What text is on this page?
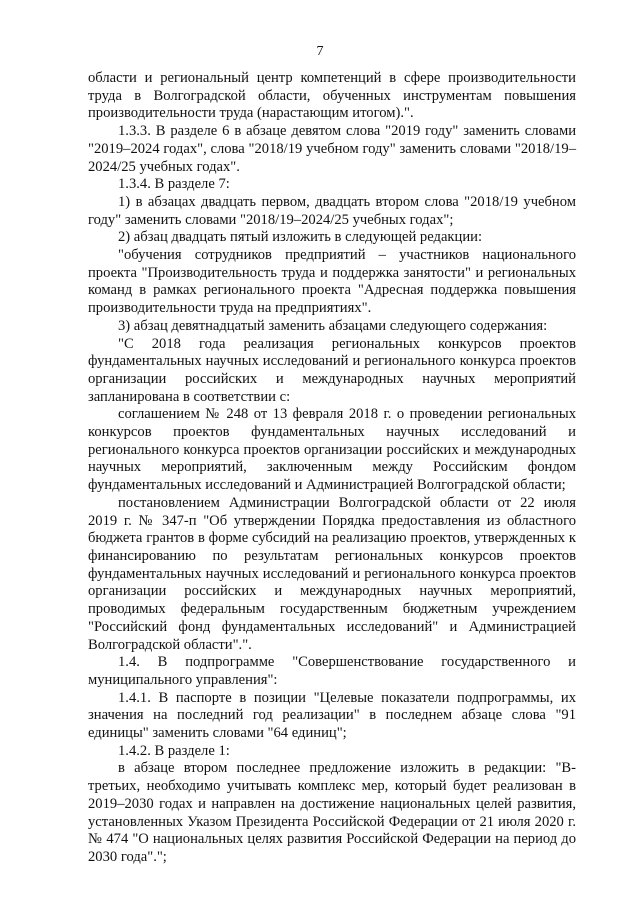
7

области и региональный центр компетенций в сфере производительности труда в Волгоградской области, обученных инструментам повышения производительности труда (нарастающим итогом).".

1.3.3. В разделе 6 в абзаце девятом слова "2019 году" заменить словами "2019–2024 годах", слова "2018/19 учебном году" заменить словами "2018/19–2024/25 учебных годах".

1.3.4. В разделе 7:

1) в абзацах двадцать первом, двадцать втором слова "2018/19 учебном году" заменить словами "2018/19–2024/25 учебных годах";

2) абзац двадцать пятый изложить в следующей редакции:

"обучения сотрудников предприятий – участников национального проекта "Производительность труда и поддержка занятости" и региональных команд в рамках регионального проекта "Адресная поддержка повышения производительности труда на предприятиях".

3) абзац девятнадцатый заменить абзацами следующего содержания:

"С 2018 года реализация региональных конкурсов проектов фундаментальных научных исследований и регионального конкурса проектов организации российских и международных научных мероприятий запланирована в соответствии с:

соглашением № 248 от 13 февраля 2018 г. о проведении региональных конкурсов проектов фундаментальных научных исследований и регионального конкурса проектов организации российских и международных научных мероприятий, заключенным между Российским фондом фундаментальных исследований и Администрацией Волгоградской области;

постановлением Администрации Волгоградской области от 22 июля 2019 г. № 347-п "Об утверждении Порядка предоставления из областного бюджета грантов в форме субсидий на реализацию проектов, утвержденных к финансированию по результатам региональных конкурсов проектов фундаментальных научных исследований и регионального конкурса проектов организации российских и международных научных мероприятий, проводимых федеральным государственным бюджетным учреждением "Российский фонд фундаментальных исследований" и Администрацией Волгоградской области".".

1.4. В подпрограмме "Совершенствование государственного и муниципального управления":

1.4.1. В паспорте в позиции "Целевые показатели подпрограммы, их значения на последний год реализации" в последнем абзаце слова "91 единицы" заменить словами "64 единиц";

1.4.2. В разделе 1:

в абзаце втором последнее предложение изложить в редакции: "В-третьих, необходимо учитывать комплекс мер, который будет реализован в 2019–2030 годах и направлен на достижение национальных целей развития, установленных Указом Президента Российской Федерации от 21 июля 2020 г. № 474 "О национальных целях развития Российской Федерации на период до 2030 года".";
